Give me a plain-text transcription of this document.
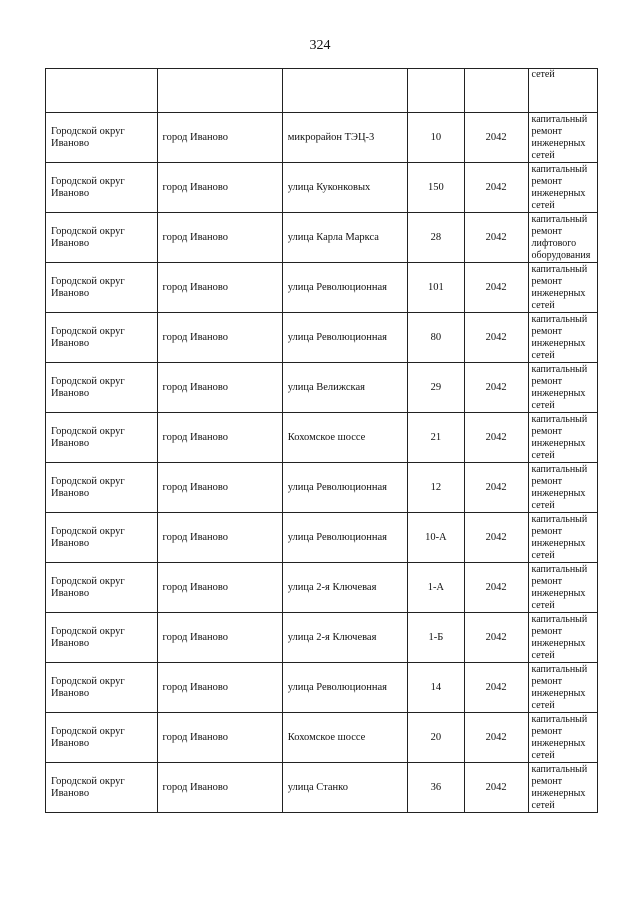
324
					сетей
Городской округ Иваново	город Иваново	микрорайон ТЭЦ-3	10	2042	капитальный ремонт инженерных сетей
Городской округ Иваново	город Иваново	улица Куконковых	150	2042	капитальный ремонт инженерных сетей
Городской округ Иваново	город Иваново	улица Карла Маркса	28	2042	капитальный ремонт лифтового оборудования
Городской округ Иваново	город Иваново	улица Революционная	101	2042	капитальный ремонт инженерных сетей
Городской округ Иваново	город Иваново	улица Революционная	80	2042	капитальный ремонт инженерных сетей
Городской округ Иваново	город Иваново	улица Велижская	29	2042	капитальный ремонт инженерных сетей
Городской округ Иваново	город Иваново	Кохомское шоссе	21	2042	капитальный ремонт инженерных сетей
Городской округ Иваново	город Иваново	улица Революционная	12	2042	капитальный ремонт инженерных сетей
Городской округ Иваново	город Иваново	улица Революционная	10-А	2042	капитальный ремонт инженерных сетей
Городской округ Иваново	город Иваново	улица 2-я Ключевая	1-А	2042	капитальный ремонт инженерных сетей
Городской округ Иваново	город Иваново	улица 2-я Ключевая	1-Б	2042	капитальный ремонт инженерных сетей
Городской округ Иваново	город Иваново	улица Революционная	14	2042	капитальный ремонт инженерных сетей
Городской округ Иваново	город Иваново	Кохомское шоссе	20	2042	капитальный ремонт инженерных сетей
Городской округ Иваново	город Иваново	улица Станко	36	2042	капитальный ремонт инженерных сетей
